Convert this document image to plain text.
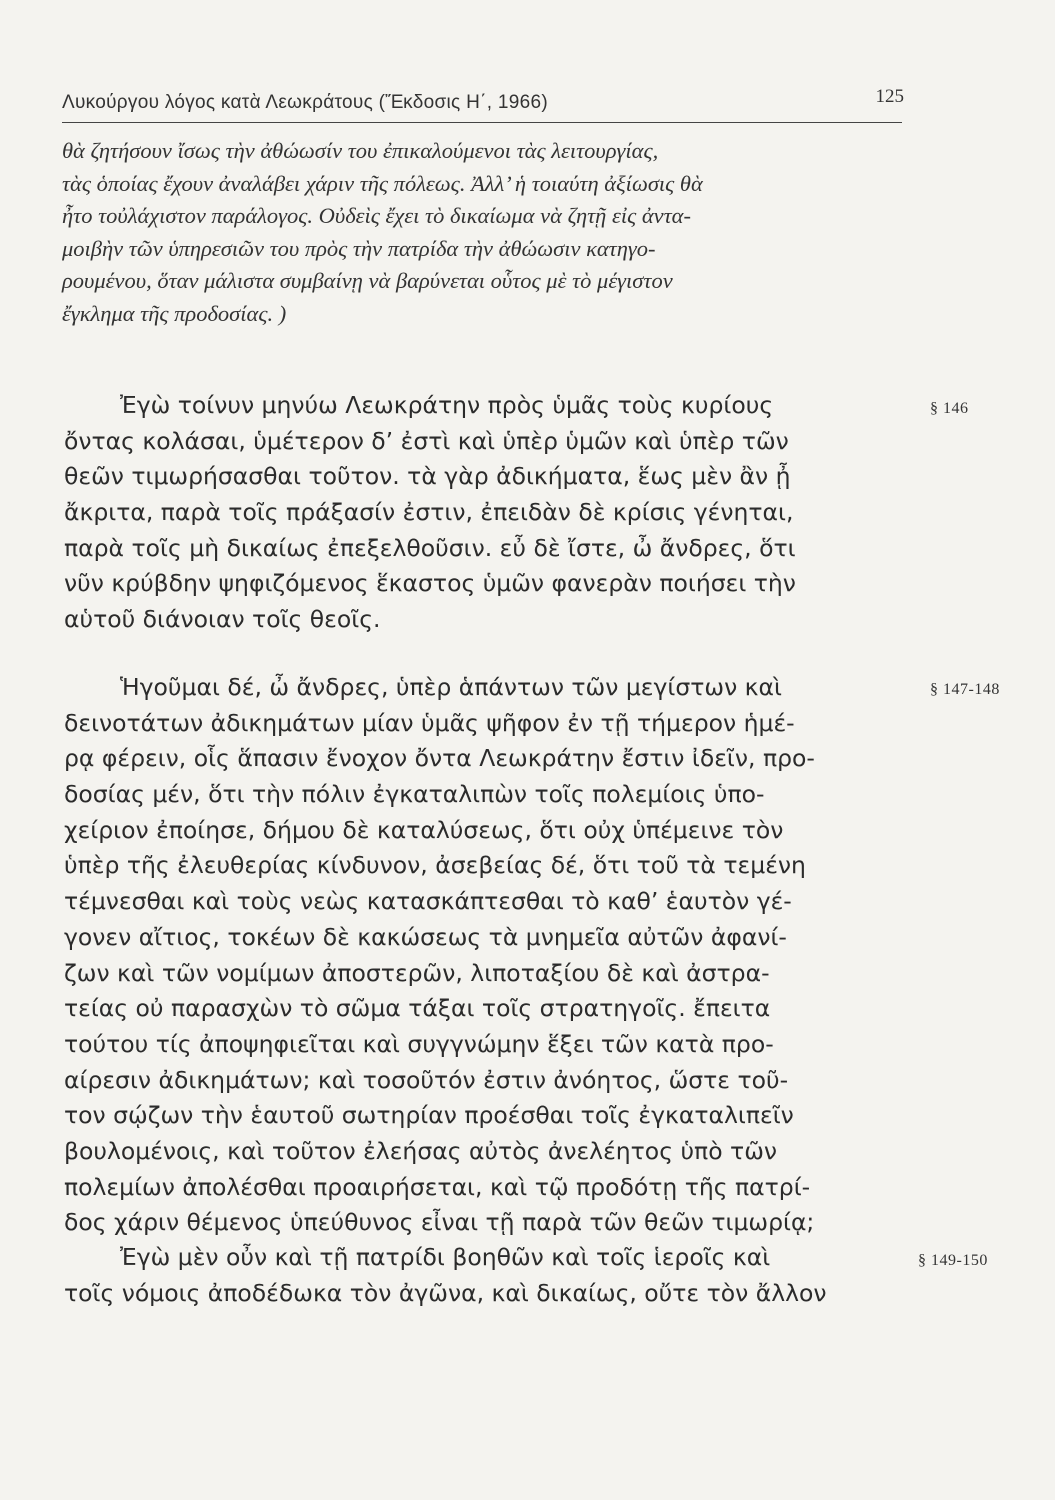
Λυκούργου λόγος κατὰ Λεωκράτους (Ἔκδοσις Η΄, 1966)	125
θὰ ζητήσουν ἴσως τὴν ἀθώωσίν του ἐπικαλούμενοι τὰς λειτουργίας,
τὰς ὁποίας ἔχουν ἀναλάβει χάριν τῆς πόλεως. Ἀλλ’ ἡ τοιαύτη ἀξίωσις θὰ
ἦτο τοὐλάχιστον παράλογος. Οὐδεὶς ἔχει τὸ δικαίωμα νὰ ζητῇ εἰς ἀντα-
μοιβὴν τῶν ὑπηρεσιῶν του πρὸς τὴν πατρίδα τὴν ἀθώωσιν κατηγο-
ρουμένου, ὅταν μάλιστα συμβαίνῃ νὰ βαρύνεται οὗτος μὲ τὸ μέγιστον
ἔγκλημα τῆς προδοσίας. )
Ἐγὼ τοίνυν μηνύω Λεωκράτην πρὸς ὑμᾶς τοὺς κυρίους
ὄντας κολάσαι, ὑμέτερον δ’ ἐστὶ καὶ ὑπὲρ ὑμῶν καὶ ὑπὲρ τῶν
θεῶν τιμωρήσασθαι τοῦτον. τὰ γὰρ ἀδικήματα, ἕως μὲν ἂν ᾖ
ἄκριτα, παρὰ τοῖς πράξασίν ἐστιν, ἐπειδὰν δὲ κρίσις γένηται,
παρὰ τοῖς μὴ δικαίως ἐπεξελθοῦσιν. εὖ δὲ ἴστε, ὦ ἄνδρες, ὅτι
νῦν κρύβδην ψηφιζόμενος ἕκαστος ὑμῶν φανερὰν ποιήσει τὴν
αὑτοῦ διάνοιαν τοῖς θεοῖς.
§ 146
Ἡγοῦμαι δέ, ὦ ἄνδρες, ὑπὲρ ἁπάντων τῶν μεγίστων καὶ
δεινοτάτων ἀδικημάτων μίαν ὑμᾶς ψῆφον ἐν τῇ τήμερον ἡμέ-
ρᾳ φέρειν, οἷς ἅπασιν ἔνοχον ὄντα Λεωκράτην ἔστιν ἰδεῖν, προ-
δοσίας μέν, ὅτι τὴν πόλιν ἐγκαταλιπὼν τοῖς πολεμίοις ὑπο-
χείριον ἐποίησε, δήμου δὲ καταλύσεως, ὅτι οὐχ ὑπέμεινε τὸν
ὑπὲρ τῆς ἐλευθερίας κίνδυνον, ἀσεβείας δέ, ὅτι τοῦ τὰ τεμένη
τέμνεσθαι καὶ τοὺς νεὼς κατασκάπτεσθαι τὸ καθ’ ἑαυτὸν γέ-
γονεν αἴτιος, τοκέων δὲ κακώσεως τὰ μνημεῖα αὐτῶν ἀφανί-
ζων καὶ τῶν νομίμων ἀποστερῶν, λιποταξίου δὲ καὶ ἀστρα-
τείας οὐ παρασχὼν τὸ σῶμα τάξαι τοῖς στρατηγοῖς. ἔπειτα
τούτου τίς ἀποψηφιεῖται καὶ συγγνώμην ἕξει τῶν κατὰ προ-
αίρεσιν ἀδικημάτων; καὶ τοσοῦτόν ἐστιν ἀνόητος, ὥστε τοῦ-
τον σῴζων τὴν ἑαυτοῦ σωτηρίαν προέσθαι τοῖς ἐγκαταλιπεῖν
βουλομένοις, καὶ τοῦτον ἐλεήσας αὐτὸς ἀνελέητος ὑπὸ τῶν
πολεμίων ἀπολέσθαι προαιρήσεται, καὶ τῷ προδότῃ τῆς πατρί-
δος χάριν θέμενος ὑπεύθυνος εἶναι τῇ παρὰ τῶν θεῶν τιμωρίᾳ;
§ 147-148
Ἐγὼ μὲν οὖν καὶ τῇ πατρίδι βοηθῶν καὶ τοῖς ἱεροῖς καὶ
τοῖς νόμοις ἀποδέδωκα τὸν ἀγῶνα, καὶ δικαίως, οὔτε τὸν ἄλλον
§ 149-150
